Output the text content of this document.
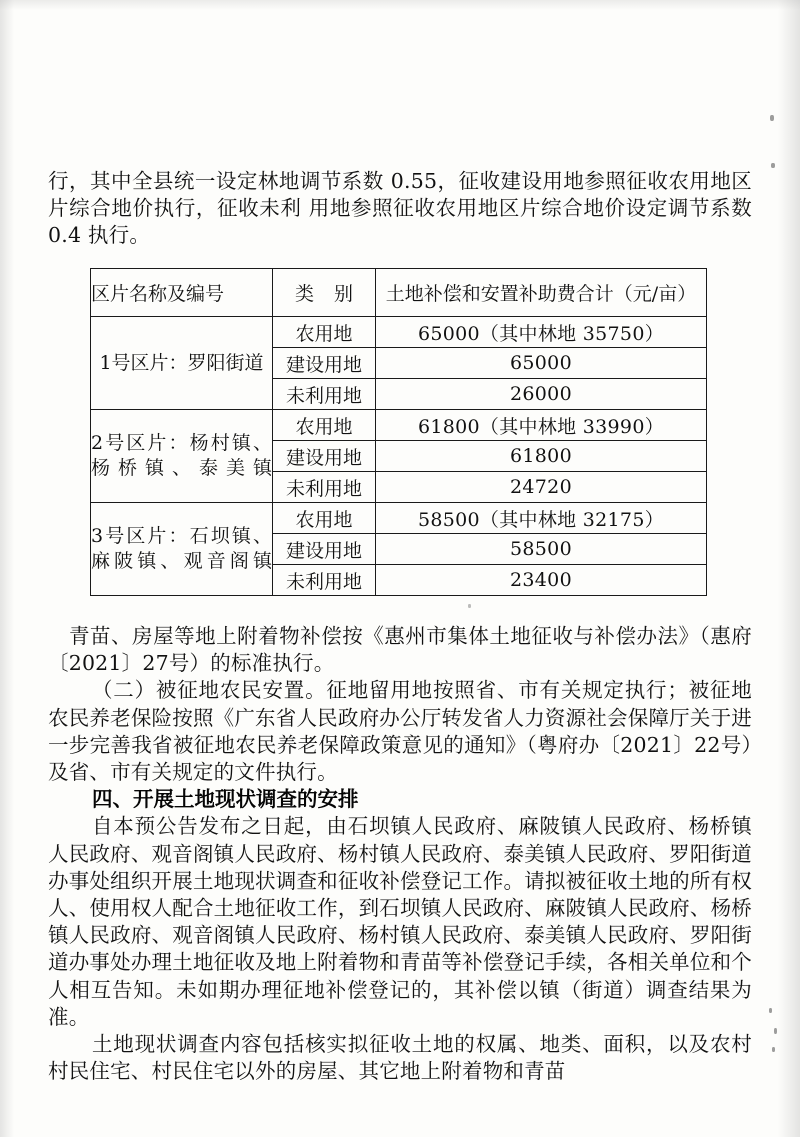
行，其中全县统一设定林地调节系数 0.55，征收建设用地参照征收农用地区片综合地价执行，征收未利 用地参照征收农用地区片综合地价设定调节系数 0.4 执行。

区片名称及编号	类 别	土地补偿和安置补助费合计（元/亩）

1号区片：罗阳街道	农用地	65000（其中林地 35750）
	建设用地	65000
	未利用地	26000

2号区片：杨村镇、
杨桥镇、泰美镇	农用地	61800（其中林地 33990）
	建设用地	61800
	未利用地	24720

3号区片：石坝镇、
麻陂镇、观音阁镇	农用地	58500（其中林地 32175）
	建设用地	58500
	未利用地	23400

青苗、房屋等地上附着物补偿按《惠州市集体土地征收与补偿办法》（惠府〔2021〕27号）的标准执行。

（二）被征地农民安置。征地留用地按照省、市有关规定执行；被征地农民养老保险按照《广东省人民政府办公厅转发省人力资源社会保障厅关于进一步完善我省被征地农民养老保障政策意见的通知》（粤府办〔2021〕22号）及省、市有关规定的文件执行。

四、开展土地现状调查的安排

自本预公告发布之日起，由石坝镇人民政府、麻陂镇人民政府、杨桥镇人民政府、观音阁镇人民政府、杨村镇人民政府、泰美镇人民政府、罗阳街道办事处组织开展土地现状调查和征收补偿登记工作。请拟被征收土地的所有权人、使用权人配合土地征收工作，到石坝镇人民政府、麻陂镇人民政府、杨桥镇人民政府、观音阁镇人民政府、杨村镇人民政府、泰美镇人民政府、罗阳街道办事处办理土地征收及地上附着物和青苗等补偿登记手续，各相关单位和个人相互告知。未如期办理征地补偿登记的，其补偿以镇（街道）调查结果为准。

土地现状调查内容包括核实拟征收土地的权属、地类、面积，以及农村村民住宅、村民住宅以外的房屋、其它地上附着物和青苗
